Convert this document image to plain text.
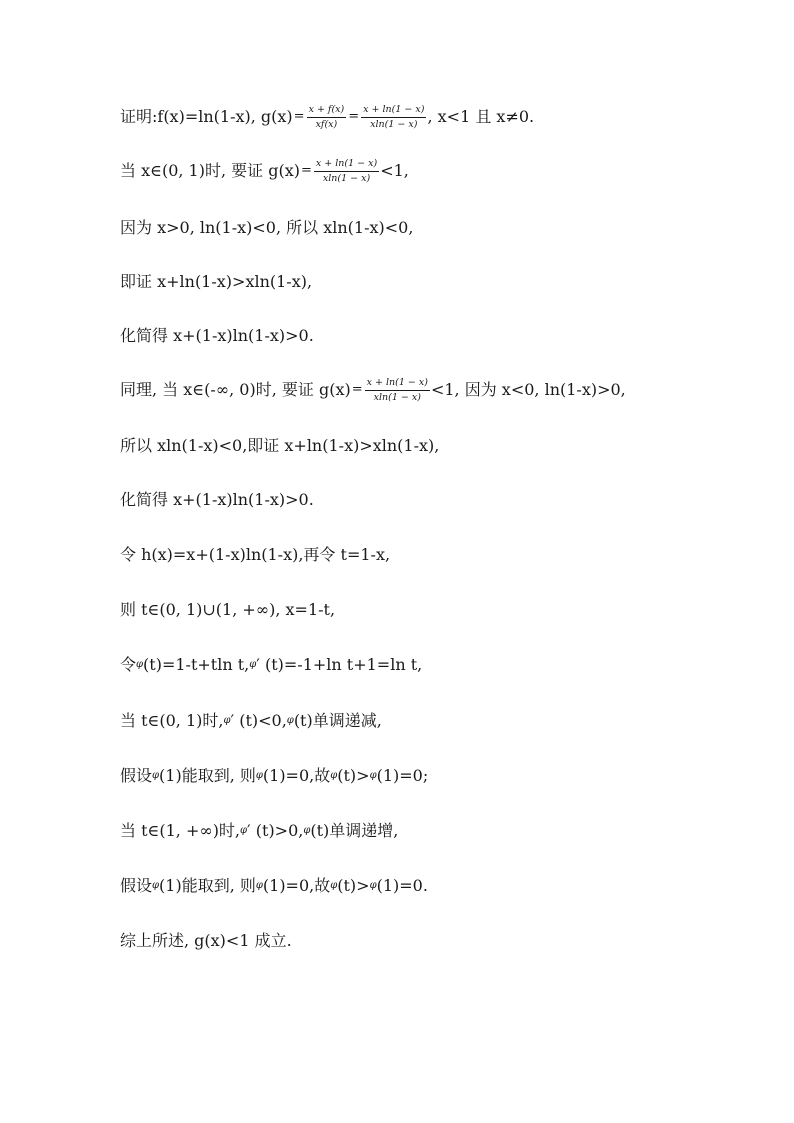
证明:f(x)=ln(1-x), $g(x) = \frac{x + f(x)}{xf(x)} = \frac{x + \ln(1 - x)}{xln(1 - x)}$ , x<1 且 x≠0.
当 x∈(0, 1)时, 要证 $g(x) = \frac{x + \ln(1 - x)}{xln(1 - x)} <1$,
因为 x>0, ln(1-x)<0, 所以 xln(1-x)<0,
即证 x+ln(1-x)>xln(1-x),
化简得 x+(1-x)ln(1-x)>0.
同理, 当 x∈(-∞, 0)时, 要证 $g(x) = \frac{x + \ln(1 - x)}{xln(1 - x)} <1$, 因为 x<0, ln(1-x)>0,
所以 xln(1-x)<0,即证 x+ln(1-x)>xln(1-x),
化简得 x+(1-x)ln(1-x)>0.
令 h(x)=x+(1-x)ln(1-x),再令 t=1-x,
则 t∈(0, 1)∪(1, +∞), x=1-t,
令 φ (t)=1-t+tln t, φ ′ (t)=-1+ln t+1=ln t,
当 t∈(0, 1)时, φ ′ (t)<0, φ (t)单调递减,
假设 φ (1)能取到, 则 φ (1)=0,故 φ (t)> φ (1)=0;
当 t∈(1, +∞)时, φ ′ (t)>0, φ (t)单调递增,
假设 φ (1)能取到, 则 φ (1)=0,故 φ (t)> φ (1)=0.
综上所述, g(x)<1 成立.
